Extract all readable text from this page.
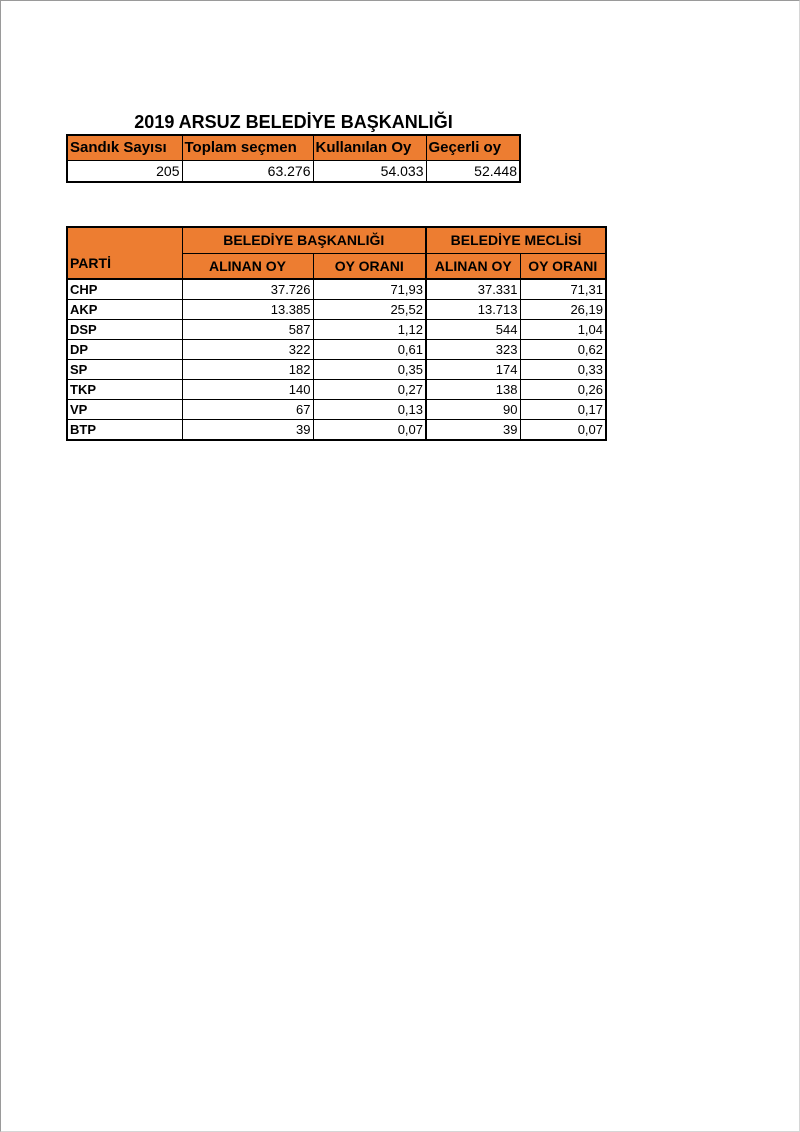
2019 ARSUZ BELEDİYE BAŞKANLIĞI
Sandık Sayısı	Toplam seçmen	Kullanılan Oy	Geçerli oy
205	63.276	54.033	52.448
PARTİ	BELEDİYE BAŞKANLIĞI		BELEDİYE MECLİSİ	
	ALINAN OY	OY ORANI	ALINAN OY	OY ORANI
CHP	37.726	71,93	37.331	71,31
AKP	13.385	25,52	13.713	26,19
DSP	587	1,12	544	1,04
DP	322	0,61	323	0,62
SP	182	0,35	174	0,33
TKP	140	0,27	138	0,26
VP	67	0,13	90	0,17
BTP	39	0,07	39	0,07
